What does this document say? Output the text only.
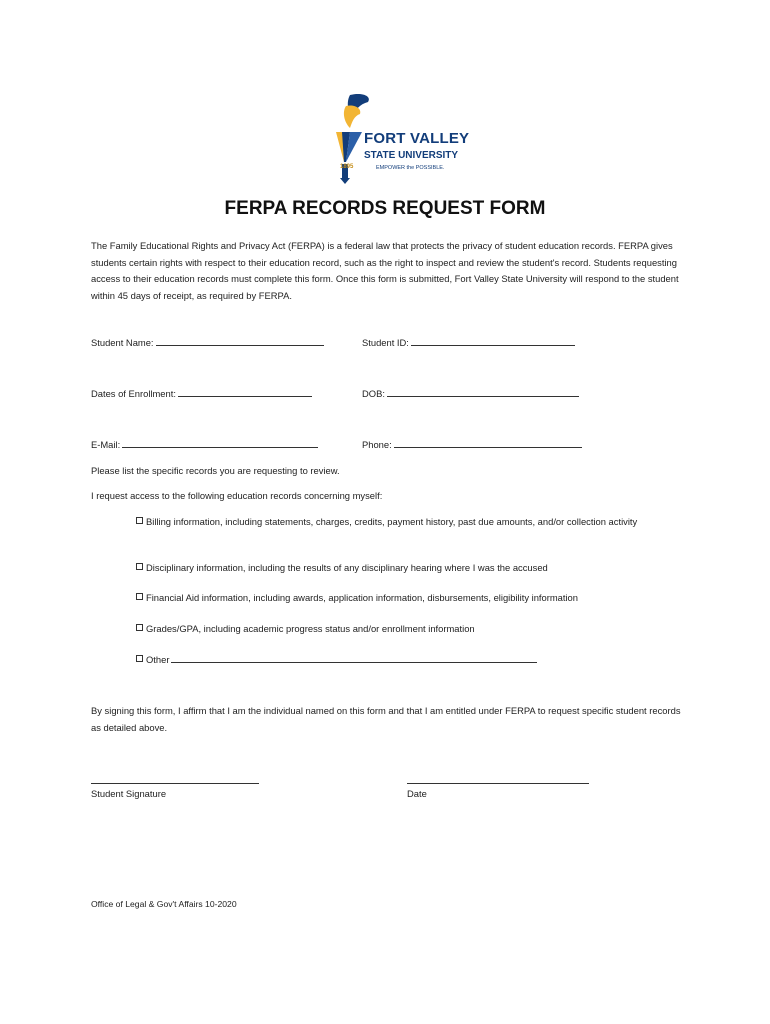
FORT VALLEY
STATE UNIVERSITY
EMPOWER the POSSIBLE.
1895
FERPA RECORDS REQUEST FORM

The Family Educational Rights and Privacy Act (FERPA) is a federal law that protects the privacy of student education records. FERPA gives students certain rights with respect to their education record, such as the right to inspect and review the student's record. Students requesting access to their education records must complete this form. Once this form is submitted, Fort Valley State University will respond to the student within 45 days of receipt, as required by FERPA.

Student Name:	Student ID:
Dates of Enrollment:	DOB:
E-Mail:	Phone:

Please list the specific records you are requesting to review.

I request access to the following education records concerning myself:

Billing information, including statements, charges, credits, payment history, past due amounts, and/or collection activity

Disciplinary information, including the results of any disciplinary hearing where I was the accused

Financial Aid information, including awards, application information, disbursements, eligibility information

Grades/GPA, including academic progress status and/or enrollment information

Other

By signing this form, I affirm that I am the individual named on this form and that I am entitled under FERPA to request specific student records as detailed above.

Student Signature	Date

Office of Legal & Gov't Affairs 10-2020
